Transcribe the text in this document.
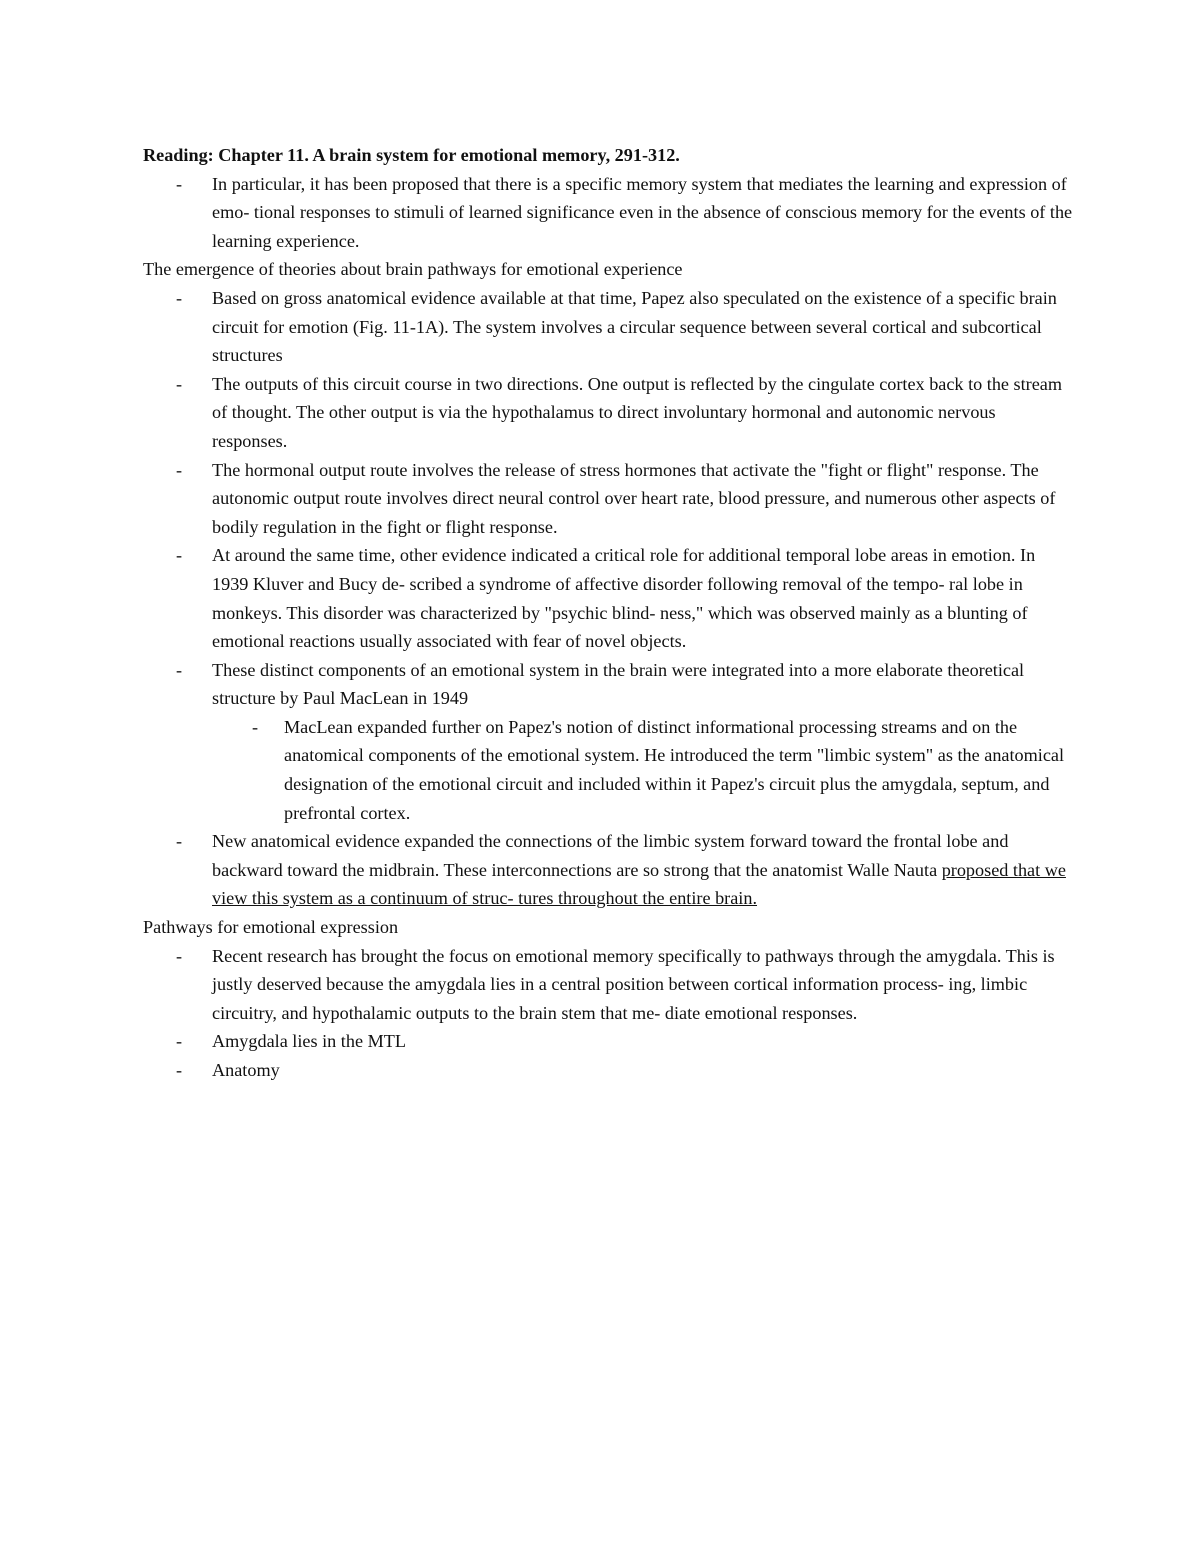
Reading: Chapter 11. A brain system for emotional memory, 291-312.

- In particular, it has been proposed that there is a specific memory system that mediates the learning and expression of emo- tional responses to stimuli of learned significance even in the absence of conscious memory for the events of the learning experience.

The emergence of theories about brain pathways for emotional experience

- Based on gross anatomical evidence available at that time, Papez also speculated on the existence of a specific brain circuit for emotion (Fig. 11-1A). The system involves a circular sequence between several cortical and subcortical structures
- The outputs of this circuit course in two directions. One output is reflected by the cingulate cortex back to the stream of thought. The other output is via the hypothalamus to direct involuntary hormonal and autonomic nervous responses.
- The hormonal output route involves the release of stress hormones that activate the "fight or flight" response. The autonomic output route involves direct neural control over heart rate, blood pressure, and numerous other aspects of bodily regulation in the fight or flight response.
- At around the same time, other evidence indicated a critical role for additional temporal lobe areas in emotion. In 1939 Kluver and Bucy de- scribed a syndrome of affective disorder following removal of the tempo- ral lobe in monkeys. This disorder was characterized by "psychic blind- ness," which was observed mainly as a blunting of emotional reactions usually associated with fear of novel objects.
- These distinct components of an emotional system in the brain were integrated into a more elaborate theoretical structure by Paul MacLean in 1949
- MacLean expanded further on Papez's notion of distinct informational processing streams and on the anatomical components of the emotional system. He introduced the term "limbic system" as the anatomical designation of the emotional circuit and included within it Papez's circuit plus the amygdala, septum, and prefrontal cortex.
- New anatomical evidence expanded the connections of the limbic system forward toward the frontal lobe and backward toward the midbrain. These interconnections are so strong that the anatomist Walle Nauta proposed that we view this system as a continuum of struc- tures throughout the entire brain.

Pathways for emotional expression

- Recent research has brought the focus on emotional memory specifically to pathways through the amygdala. This is justly deserved because the amygdala lies in a central position between cortical information process- ing, limbic circuitry, and hypothalamic outputs to the brain stem that me- diate emotional responses.
- Amygdala lies in the MTL
- Anatomy
